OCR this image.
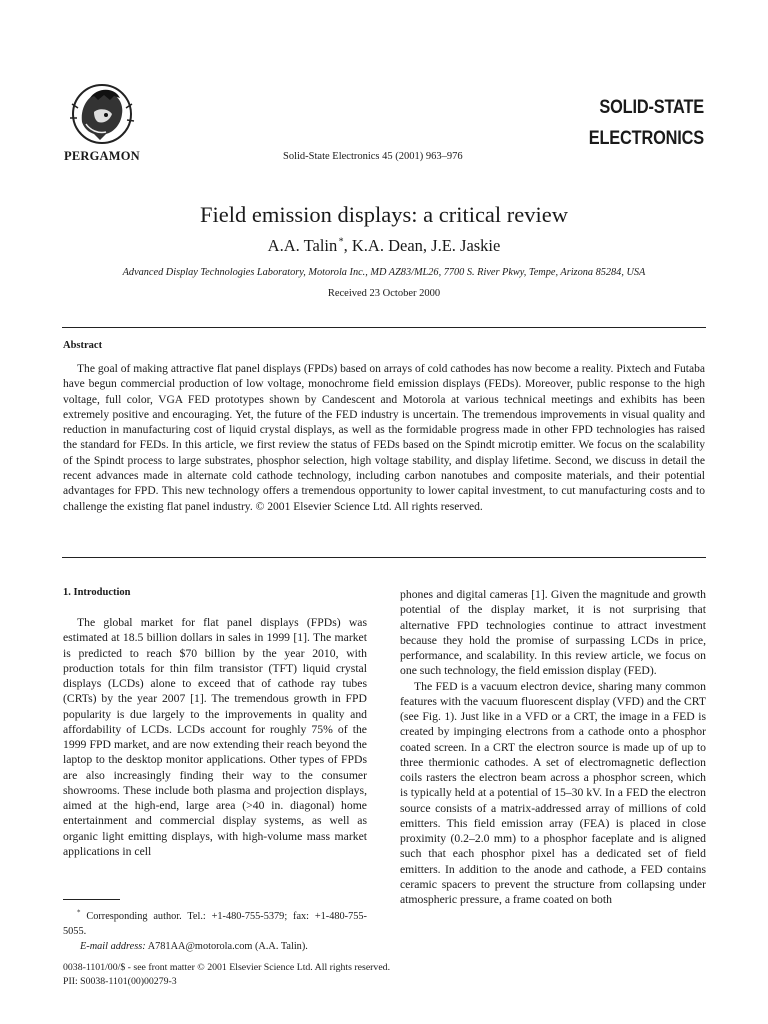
PERGAMON	Solid-State Electronics 45 (2001) 963–976
SOLID-STATE
ELECTRONICS
Field emission displays: a critical review
A.A. Talin *, K.A. Dean, J.E. Jaskie
Advanced Display Technologies Laboratory, Motorola Inc., MD AZ83/ML26, 7700 S. River Pkwy, Tempe, Arizona 85284, USA
Received 23 October 2000
Abstract
The goal of making attractive flat panel displays (FPDs) based on arrays of cold cathodes has now become a reality. Pixtech and Futaba have begun commercial production of low voltage, monochrome field emission displays (FEDs). Moreover, public response to the high voltage, full color, VGA FED prototypes shown by Candescent and Motorola at various technical meetings and exhibits has been extremely positive and encouraging. Yet, the future of the FED industry is uncertain. The tremendous improvements in visual quality and reduction in manufacturing cost of liquid crystal displays, as well as the formidable progress made in other FPD technologies has raised the standard for FEDs. In this article, we first review the status of FEDs based on the Spindt microtip emitter. We focus on the scalability of the Spindt process to large substrates, phosphor selection, high voltage stability, and display lifetime. Second, we discuss in detail the recent advances made in alternate cold cathode technology, including carbon nanotubes and composite materials, and their potential advantages for FPD. This new technology offers a tremendous opportunity to lower capital investment, to cut manufacturing costs and to challenge the existing flat panel industry. © 2001 Elsevier Science Ltd. All rights reserved.
1. Introduction
The global market for flat panel displays (FPDs) was estimated at 18.5 billion dollars in sales in 1999 [1]. The market is predicted to reach $70 billion by the year 2010, with production totals for thin film transistor (TFT) liquid crystal displays (LCDs) alone to exceed that of cathode ray tubes (CRTs) by the year 2007 [1]. The tremendous growth in FPD popularity is due largely to the improvements in quality and affordability of LCDs. LCDs account for roughly 75% of the 1999 FPD market, and are now extending their reach beyond the laptop to the desktop monitor applications. Other types of FPDs are also increasingly finding their way to the consumer showrooms. These include both plasma and projection displays, aimed at the high-end, large area (>40 in. diagonal) home entertainment and commercial display systems, as well as organic light emitting displays, with high-volume mass market applications in cell
phones and digital cameras [1]. Given the magnitude and growth potential of the display market, it is not surprising that alternative FPD technologies continue to attract investment because they hold the promise of surpassing LCDs in price, performance, and scalability. In this review article, we focus on one such technology, the field emission display (FED).
The FED is a vacuum electron device, sharing many common features with the vacuum fluorescent display (VFD) and the CRT (see Fig. 1). Just like in a VFD or a CRT, the image in a FED is created by impinging electrons from a cathode onto a phosphor coated screen. In a CRT the electron source is made up of up to three thermionic cathodes. A set of electromagnetic deflection coils rasters the electron beam across a phosphor screen, which is typically held at a potential of 15–30 kV. In a FED the electron source consists of a matrix-addressed array of millions of cold emitters. This field emission array (FEA) is placed in close proximity (0.2–2.0 mm) to a phosphor faceplate and is aligned such that each phosphor pixel has a dedicated set of field emitters. In addition to the anode and cathode, a FED contains ceramic spacers to prevent the structure from collapsing under atmospheric pressure, a frame coated on both
* Corresponding author. Tel.: +1-480-755-5379; fax: +1-480-755-5055.
E-mail address: A781AA@motorola.com (A.A. Talin).
0038-1101/00/$ - see front matter © 2001 Elsevier Science Ltd. All rights reserved.
PII: S0038-1101(00)00279-3
